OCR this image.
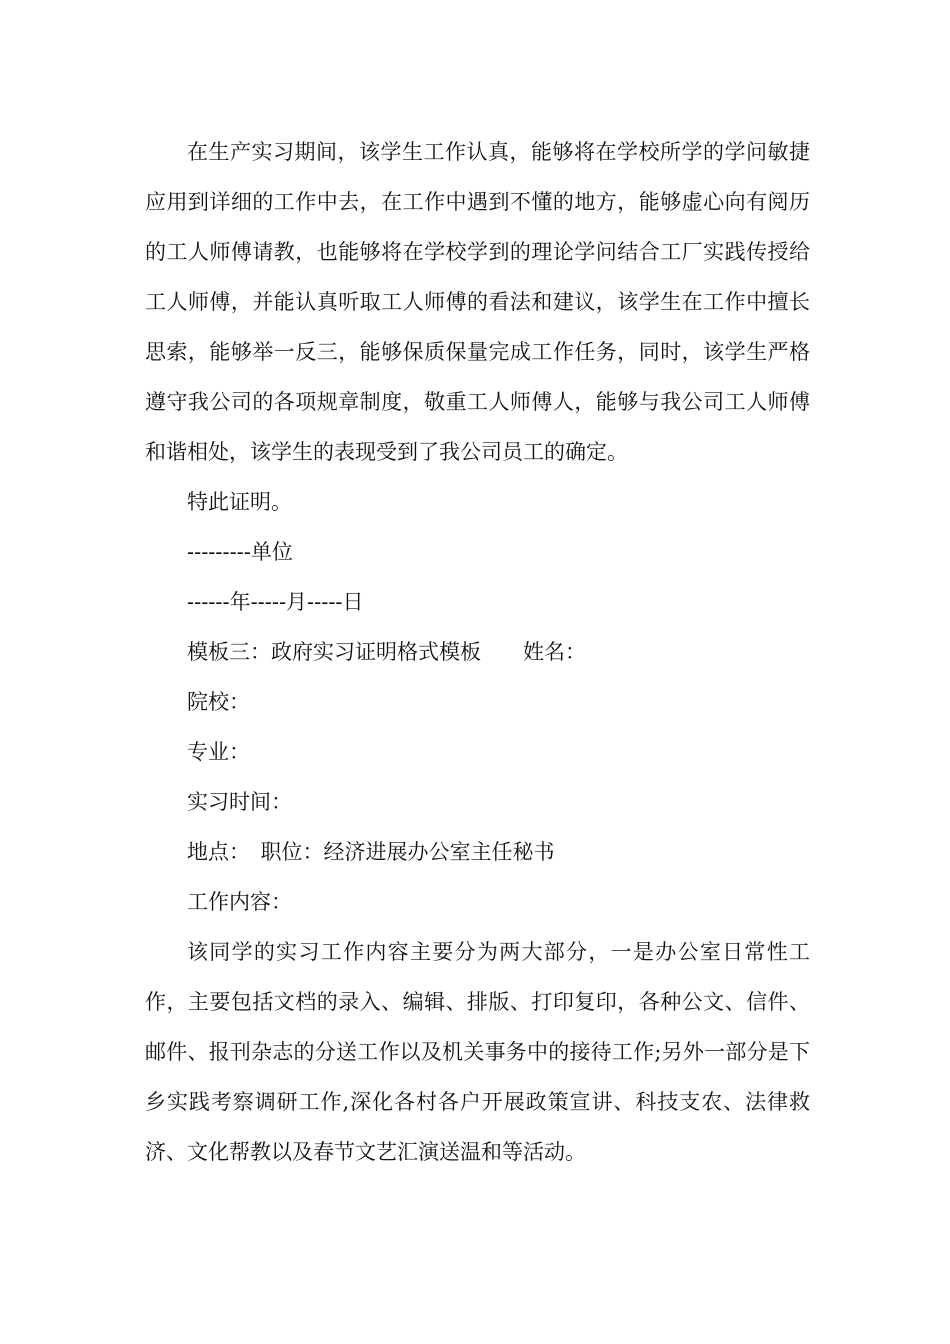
在生产实习期间，该学生工作认真，能够将在学校所学的学问敏捷应用到详细的工作中去，在工作中遇到不懂的地方，能够虚心向有阅历的工人师傅请教，也能够将在学校学到的理论学问结合工厂实践传授给工人师傅，并能认真听取工人师傅的看法和建议，该学生在工作中擅长思索，能够举一反三，能够保质保量完成工作任务，同时，该学生严格遵守我公司的各项规章制度，敬重工人师傅人，能够与我公司工人师傅和谐相处，该学生的表现受到了我公司员工的确定。

特此证明。

---------单位

------年-----月-----日

模板三：政府实习证明格式模板　　姓名：

院校：

专业：

实习时间：

地点：　职位：经济进展办公室主任秘书

工作内容：

该同学的实习工作内容主要分为两大部分，一是办公室日常性工作，主要包括文档的录入、编辑、排版、打印复印，各种公文、信件、邮件、报刊杂志的分送工作以及机关事务中的接待工作;另外一部分是下乡实践考察调研工作,深化各村各户开展政策宣讲、科技支农、法律救济、文化帮教以及春节文艺汇演送温和等活动。
